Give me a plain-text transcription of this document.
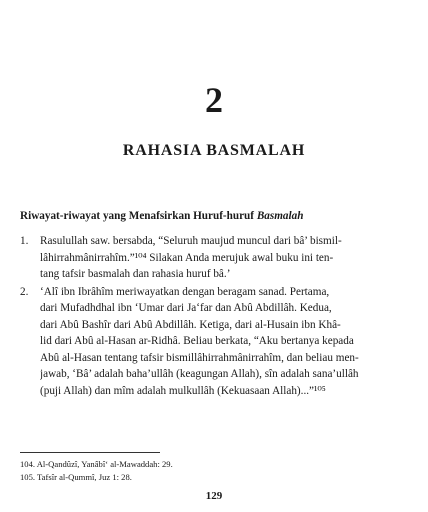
2
RAHASIA BASMALAH
Riwayat-riwayat yang Menafsirkan Huruf-huruf Basmalah
1. Rasulullah saw. bersabda, “Seluruh maujud muncul dari bâ’ bismil-
lâhirrahmânirrahîm.”¹⁰⁴ Silakan Anda merujuk awal buku ini ten-
tang tafsir basmalah dan rahasia huruf bâ.’
2. ‘Alî ibn Ibrâhîm meriwayatkan dengan beragam sanad. Pertama,
dari Mufadhdhal ibn ‘Umar dari Ja‘far dan Abû Abdillâh. Kedua,
dari Abû Bashîr dari Abû Abdillâh. Ketiga, dari al-Husain ibn Khâ-
lid dari Abû al-Hasan ar-Ridhâ. Beliau berkata, “Aku bertanya kepada
Abû al-Hasan tentang tafsir bismillâhirrahmânirrahîm, dan beliau men-
jawab, ‘Bâ’ adalah baha’ullâh (keagungan Allah), sîn adalah sana’ullâh
(puji Allah) dan mîm adalah mulkullâh (Kekuasaan Allah)...”¹⁰⁵
104. Al-Qandûzî, Yanâbî‘ al-Mawaddah: 29.
105. Tafsîr al-Qummî, Juz 1: 28.
129
